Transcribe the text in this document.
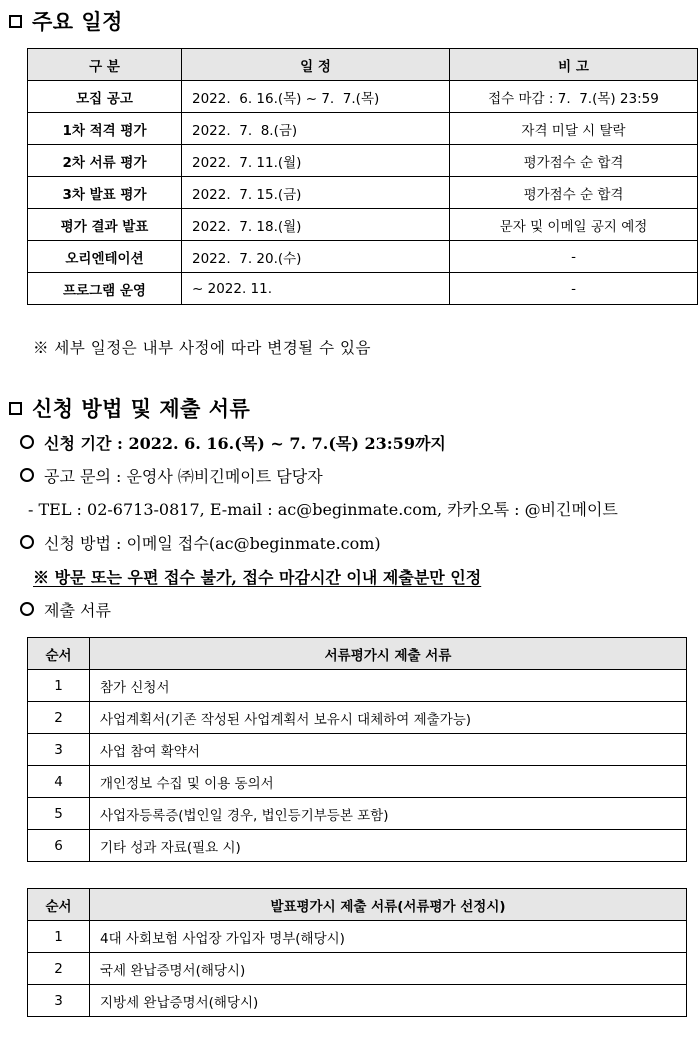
주요 일정
구 분	일 정	비 고
모집 공고	2022.  6. 16.(목) ~ 7.  7.(목)	접수 마감 : 7.  7.(목) 23:59
1차 적격 평가	2022.  7.  8.(금)	자격 미달 시 탈락
2차 서류 평가	2022.  7. 11.(월)	평가점수 순 합격
3차 발표 평가	2022.  7. 15.(금)	평가점수 순 합격
평가 결과 발표	2022.  7. 18.(월)	문자 및 이메일 공지 예정
오리엔테이션	2022.  7. 20.(수)	-
프로그램 운영	~ 2022. 11.	-
※ 세부 일정은 내부 사정에 따라 변경될 수 있음
신청 방법 및 제출 서류
신청 기간 : 2022. 6. 16.(목) ~ 7. 7.(목) 23:59까지
공고 문의 : 운영사 ㈜비긴메이트 담당자
- TEL : 02-6713-0817, E-mail : ac@beginmate.com, 카카오톡 : @비긴메이트
신청 방법 : 이메일 접수(ac@beginmate.com)
※ 방문 또는 우편 접수 불가, 접수 마감시간 이내 제출분만 인정
제출 서류
순서	서류평가시 제출 서류
1	참가 신청서
2	사업계획서(기존 작성된 사업계획서 보유시 대체하여 제출가능)
3	사업 참여 확약서
4	개인정보 수집 및 이용 동의서
5	사업자등록증(법인일 경우, 법인등기부등본 포함)
6	기타 성과 자료(필요 시)
순서	발표평가시 제출 서류(서류평가 선정시)
1	4대 사회보험 사업장 가입자 명부(해당시)
2	국세 완납증명서(해당시)
3	지방세 완납증명서(해당시)
